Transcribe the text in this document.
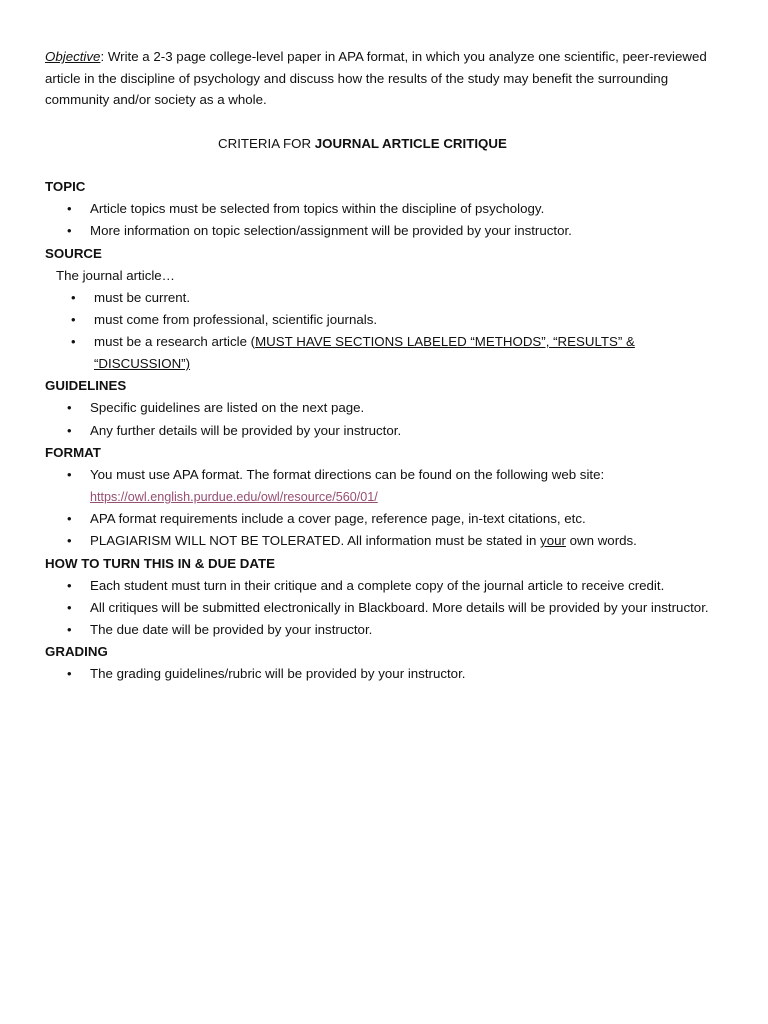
Objective: Write a 2-3 page college-level paper in APA format, in which you analyze one scientific, peer-reviewed article in the discipline of psychology and discuss how the results of the study may benefit the surrounding community and/or society as a whole.

CRITERIA FOR JOURNAL ARTICLE CRITIQUE

TOPIC

• Article topics must be selected from topics within the discipline of psychology.
• More information on topic selection/assignment will be provided by your instructor.

SOURCE

The journal article…

• must be current.
• must come from professional, scientific journals.
• must be a research article (MUST HAVE SECTIONS LABELED “METHODS”, “RESULTS” & “DISCUSSION”)

GUIDELINES

• Specific guidelines are listed on the next page.
• Any further details will be provided by your instructor.

FORMAT

• You must use APA format. The format directions can be found on the following web site:
https://owl.english.purdue.edu/owl/resource/560/01/
• APA format requirements include a cover page, reference page, in-text citations, etc.
• PLAGIARISM WILL NOT BE TOLERATED. All information must be stated in your own words.

HOW TO TURN THIS IN & DUE DATE

• Each student must turn in their critique and a complete copy of the journal article to receive credit.
• All critiques will be submitted electronically in Blackboard. More details will be provided by your instructor.
• The due date will be provided by your instructor.

GRADING

• The grading guidelines/rubric will be provided by your instructor.
